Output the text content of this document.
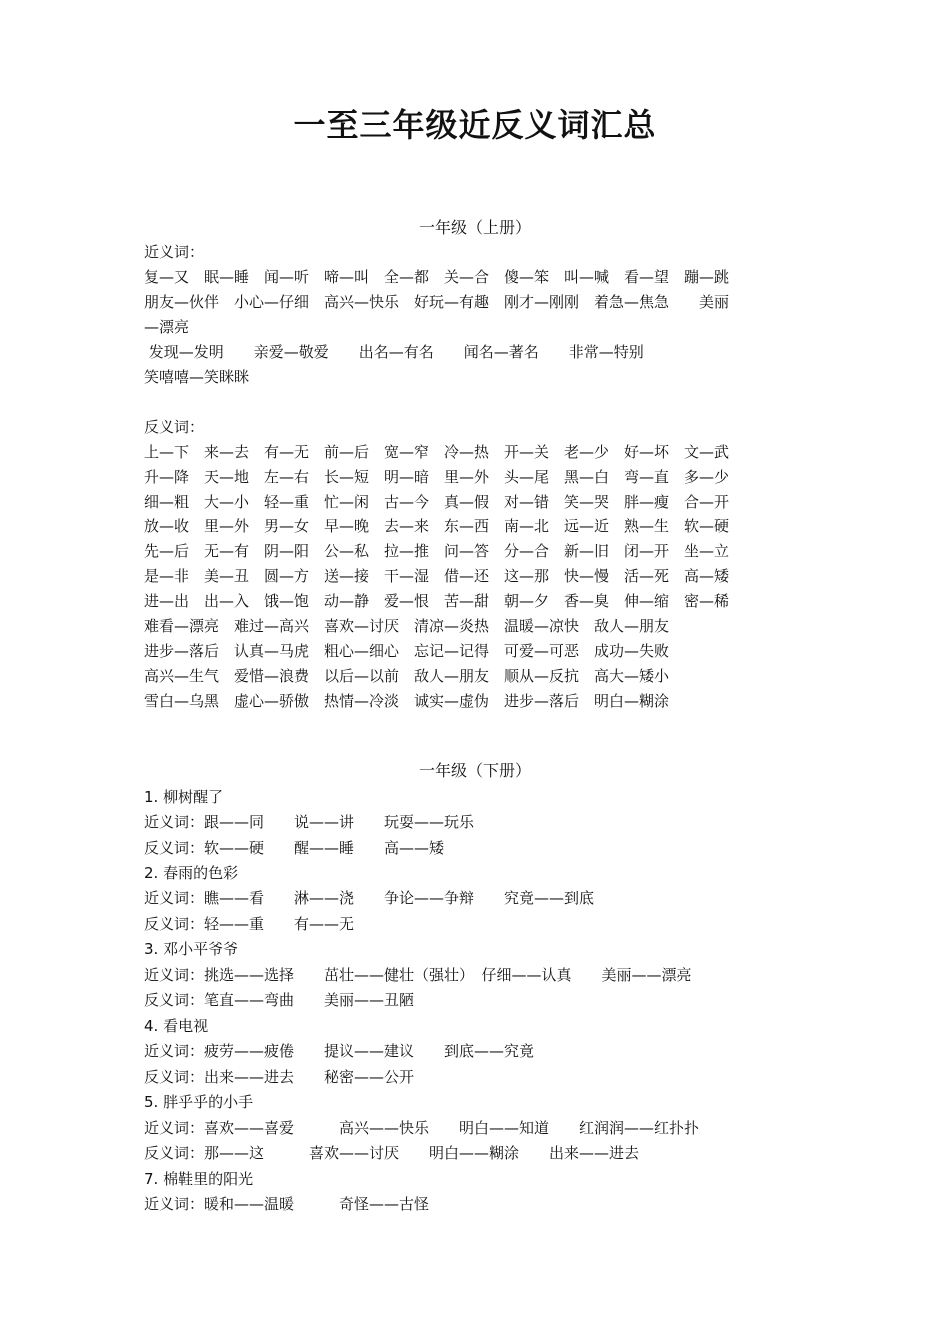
一至三年级近反义词汇总
一年级（上册）
近义词：
复—又　眠—睡　闻—听　啼—叫　全—都　关—合　傻—笨　叫—喊　看—望　蹦—跳
朋友—伙伴　小心—仔细　高兴—快乐　好玩—有趣　刚才—刚刚　着急—焦急　　美丽
—漂亮
发现—发明　　亲爱—敬爱　　出名—有名　　闻名—著名　　非常—特别
笑嘻嘻—笑眯眯
反义词：
上—下　来—去　有—无　前—后　宽—窄　冷—热　开—关　老—少　好—坏　文—武
升—降　天—地　左—右　长—短　明—暗　里—外　头—尾　黑—白　弯—直　多—少
细—粗　大—小　轻—重　忙—闲　古—今　真—假　对—错　笑—哭　胖—瘦　合—开
放—收　里—外　男—女　早—晚　去—来　东—西　南—北　远—近　熟—生　软—硬
先—后　无—有　阴—阳　公—私　拉—推　问—答　分—合　新—旧　闭—开　坐—立
是—非　美—丑　圆—方　送—接　干—湿　借—还　这—那　快—慢　活—死　高—矮
进—出　出—入　饿—饱　动—静　爱—恨　苦—甜　朝—夕　香—臭　伸—缩　密—稀
难看—漂亮　难过—高兴　喜欢—讨厌　清凉—炎热　温暖—凉快　敌人—朋友
进步—落后　认真—马虎　粗心—细心　忘记—记得　可爱—可恶　成功—失败
高兴—生气　爱惜—浪费　以后—以前　敌人—朋友　顺从—反抗　高大—矮小
雪白—乌黑　虚心—骄傲　热情—冷淡　诚实—虚伪　进步—落后　明白—糊涂
一年级（下册）
1. 柳树醒了
近义词：跟——同　　说——讲　　玩耍——玩乐
反义词：软——硬　　醒——睡　　高——矮
2. 春雨的色彩
近义词：瞧——看　　淋——浇　　争论——争辩　　究竟——到底
反义词：轻——重　　有——无
3. 邓小平爷爷
近义词：挑选——选择　　茁壮——健壮（强壮）　仔细——认真　　美丽——漂亮
反义词：笔直——弯曲　　美丽——丑陋
4. 看电视
近义词：疲劳——疲倦　　提议——建议　　到底——究竟
反义词：出来——进去　　秘密——公开
5. 胖乎乎的小手
近义词：喜欢——喜爱　　　高兴——快乐　　明白——知道　　红润润——红扑扑
反义词：那——这　　　喜欢——讨厌　　明白——糊涂　　出来——进去
7. 棉鞋里的阳光
近义词：暖和——温暖　　　奇怪——古怪
